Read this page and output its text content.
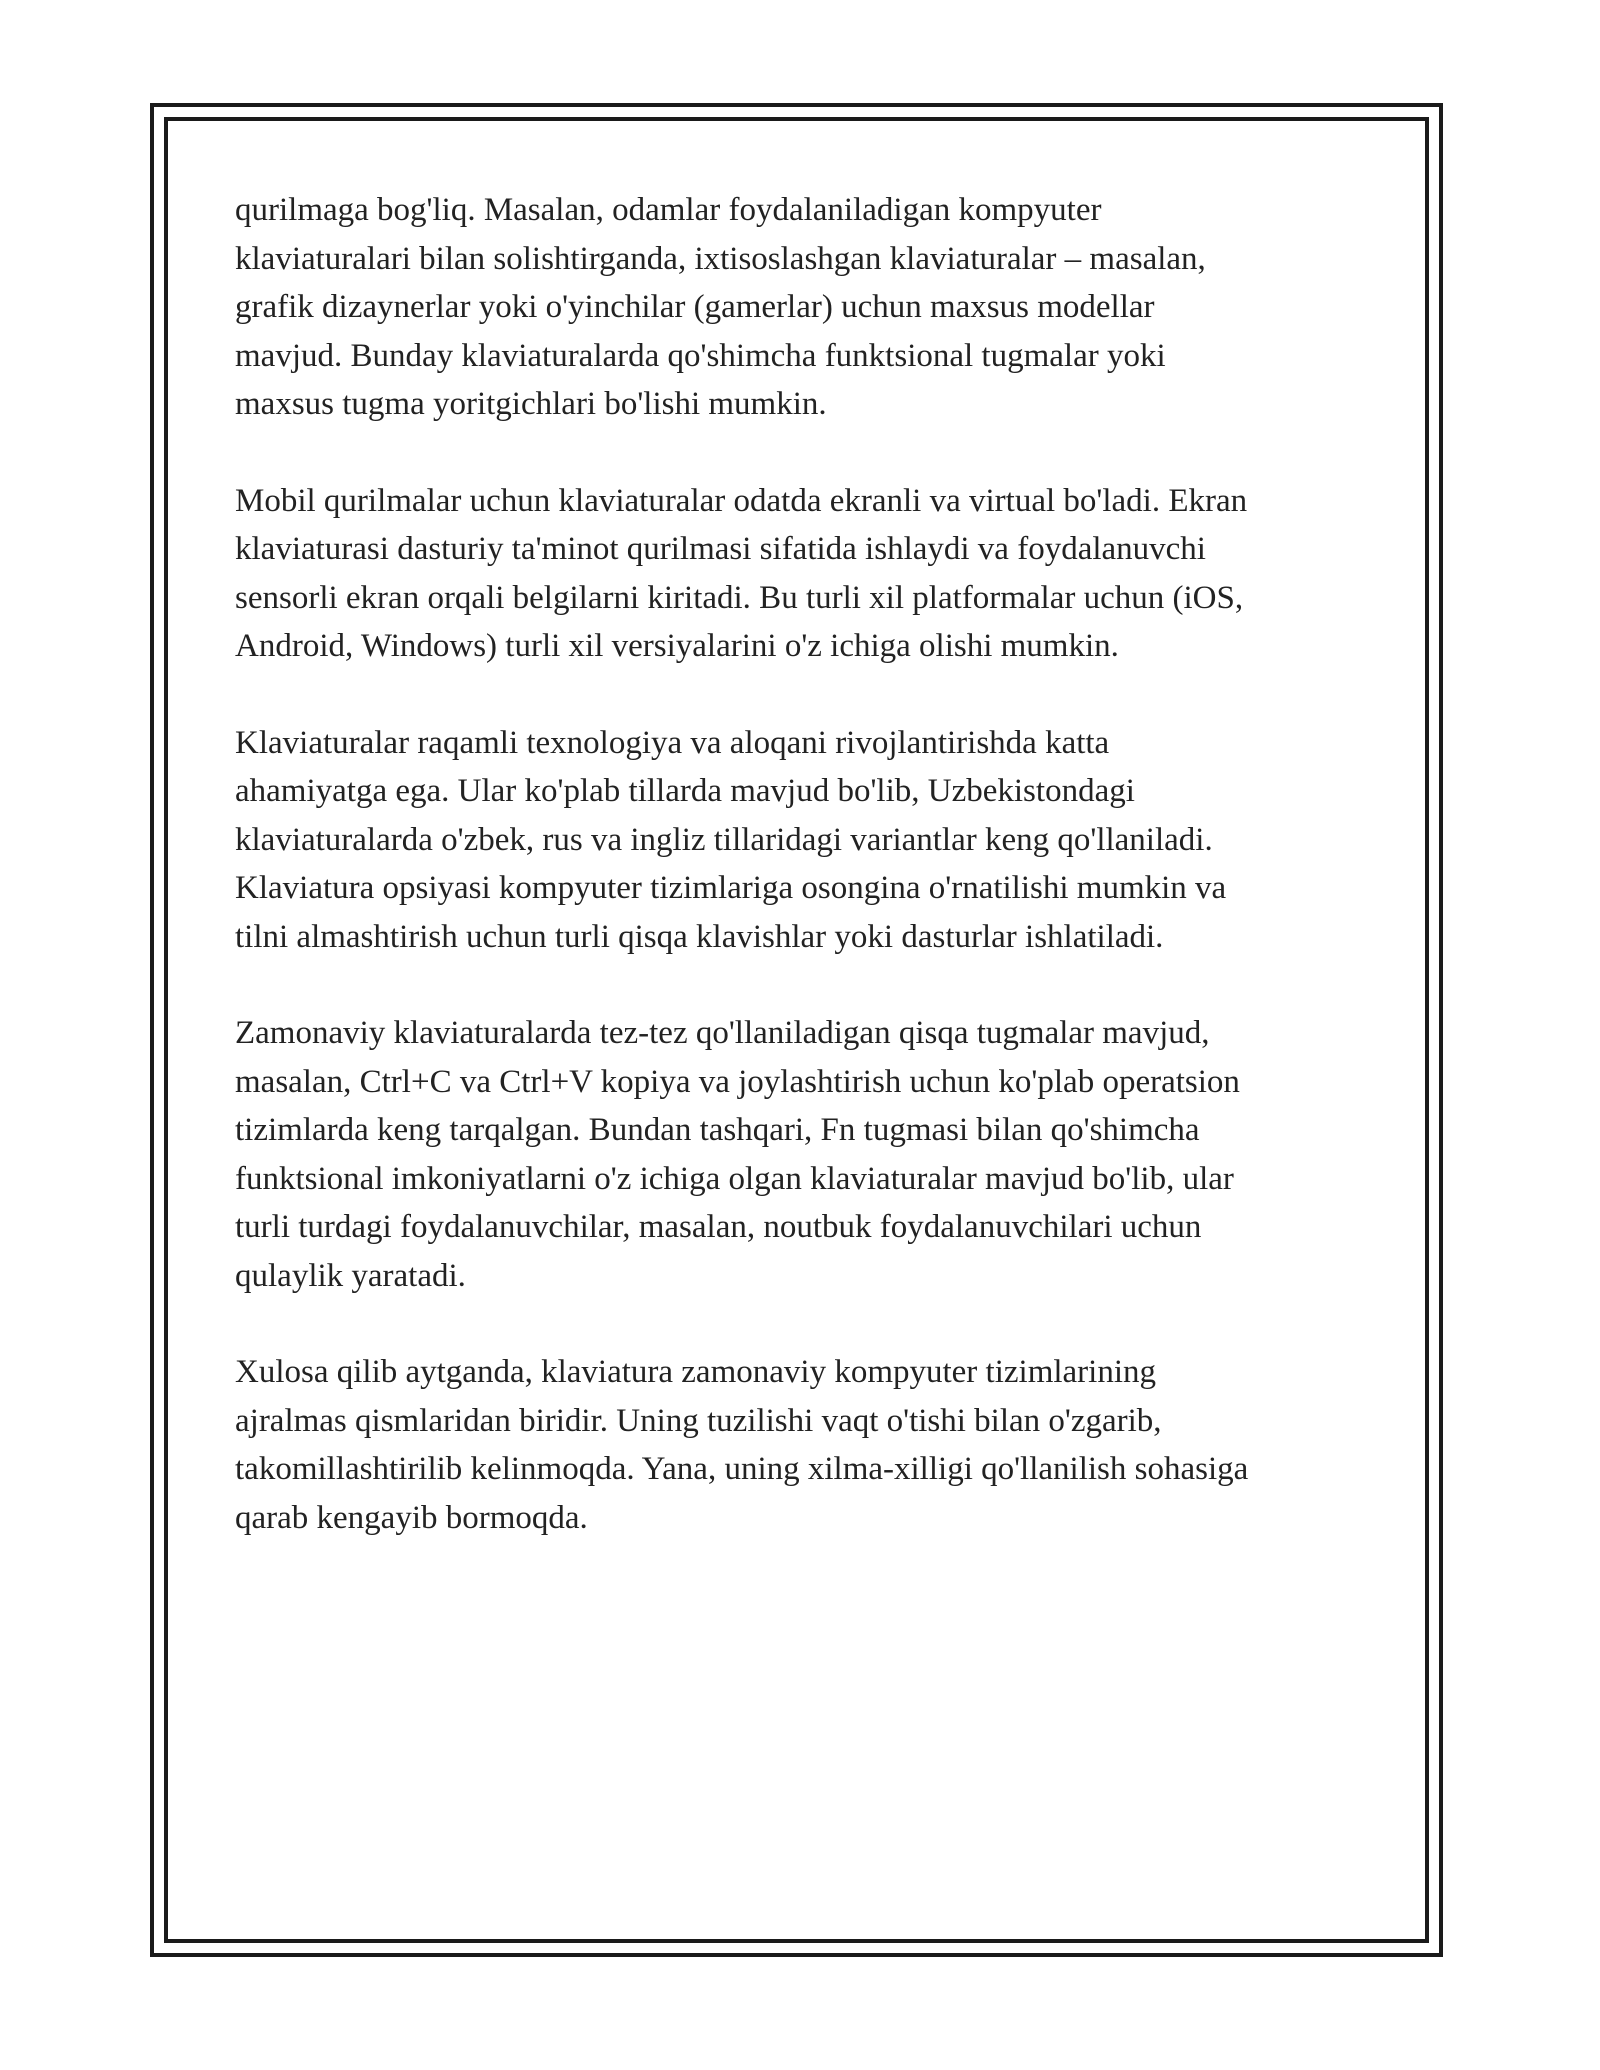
qurilmaga bog'liq. Masalan, odamlar foydalaniladigan kompyuter
klaviaturalari bilan solishtirganda, ixtisoslashgan klaviaturalar – masalan,
grafik dizaynerlar yoki o'yinchilar (gamerlar) uchun maxsus modellar
mavjud. Bunday klaviaturalarda qo'shimcha funktsional tugmalar yoki
maxsus tugma yoritgichlari bo'lishi mumkin.

Mobil qurilmalar uchun klaviaturalar odatda ekranli va virtual bo'ladi. Ekran
klaviaturasi dasturiy ta'minot qurilmasi sifatida ishlaydi va foydalanuvchi
sensorli ekran orqali belgilarni kiritadi. Bu turli xil platformalar uchun (iOS,
Android, Windows) turli xil versiyalarini o'z ichiga olishi mumkin.

Klaviaturalar raqamli texnologiya va aloqani rivojlantirishda katta
ahamiyatga ega. Ular ko'plab tillarda mavjud bo'lib, Uzbekistondagi
klaviaturalarda o'zbek, rus va ingliz tillaridagi variantlar keng qo'llaniladi.
Klaviatura opsiyasi kompyuter tizimlariga osongina o'rnatilishi mumkin va
tilni almashtirish uchun turli qisqa klavishlar yoki dasturlar ishlatiladi.

Zamonaviy klaviaturalarda tez-tez qo'llaniladigan qisqa tugmalar mavjud,
masalan, Ctrl+C va Ctrl+V kopiya va joylashtirish uchun ko'plab operatsion
tizimlarda keng tarqalgan. Bundan tashqari, Fn tugmasi bilan qo'shimcha
funktsional imkoniyatlarni o'z ichiga olgan klaviaturalar mavjud bo'lib, ular
turli turdagi foydalanuvchilar, masalan, noutbuk foydalanuvchilari uchun
qulaylik yaratadi.

Xulosa qilib aytganda, klaviatura zamonaviy kompyuter tizimlarining
ajralmas qismlaridan biridir. Uning tuzilishi vaqt o'tishi bilan o'zgarib,
takomillashtirilib kelinmoqda. Yana, uning xilma-xilligi qo'llanilish sohasiga
qarab kengayib bormoqda.
